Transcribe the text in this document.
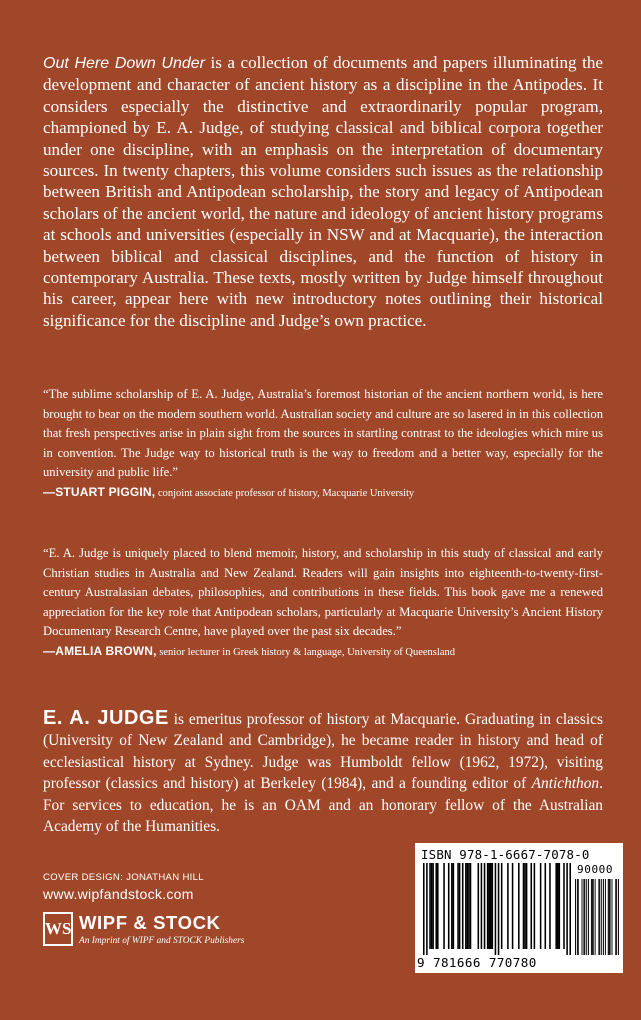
Out Here Down Under is a collection of documents and papers illuminating the development and character of ancient history as a discipline in the Antipodes. It considers especially the distinctive and extraordinarily popular program, championed by E. A. Judge, of studying classical and biblical corpora together under one discipline, with an emphasis on the interpretation of documentary sources. In twenty chapters, this volume considers such issues as the relationship between British and Antipodean scholarship, the story and legacy of Antipodean scholars of the ancient world, the nature and ideology of ancient history programs at schools and universities (especially in NSW and at Macquarie), the interaction between biblical and classical disciplines, and the function of history in contemporary Australia. These texts, mostly written by Judge himself throughout his career, appear here with new introductory notes outlining their historical significance for the discipline and Judge’s own practice.

“The sublime scholarship of E. A. Judge, Australia’s foremost historian of the ancient northern world, is here brought to bear on the modern southern world. Australian society and culture are so lasered in in this collection that fresh perspectives arise in plain sight from the sources in startling contrast to the ideologies which mire us in convention. The Judge way to historical truth is the way to freedom and a better way, especially for the university and public life.”
—STUART PIGGIN, conjoint associate professor of history, Macquarie University
“E. A. Judge is uniquely placed to blend memoir, history, and scholarship in this study of classical and early Christian studies in Australia and New Zealand. Readers will gain insights into eighteenth-to-twenty-first-century Australasian debates, philosophies, and contributions in these fields. This book gave me a renewed appreciation for the key role that Antipodean scholars, particularly at Macquarie University’s Ancient History Documentary Research Centre, have played over the past six decades.”
—AMELIA BROWN, senior lecturer in Greek history & language, University of Queensland

E. A. JUDGE is emeritus professor of history at Macquarie. Graduating in classics (University of New Zealand and Cambridge), he became reader in history and head of ecclesiastical history at Sydney. Judge was Humboldt fellow (1962, 1972), visiting professor (classics and history) at Berkeley (1984), and a founding editor of Antichthon. For services to education, he is an OAM and an honorary fellow of the Australian Academy of the Humanities.

COVER DESIGN: JONATHAN HILL
www.wipfandstock.com
WS WIPF & STOCK
An Imprint of WIPF and STOCK Publishers
ISBN 978-1-6667-7078-0
90000
9 781666 770780
